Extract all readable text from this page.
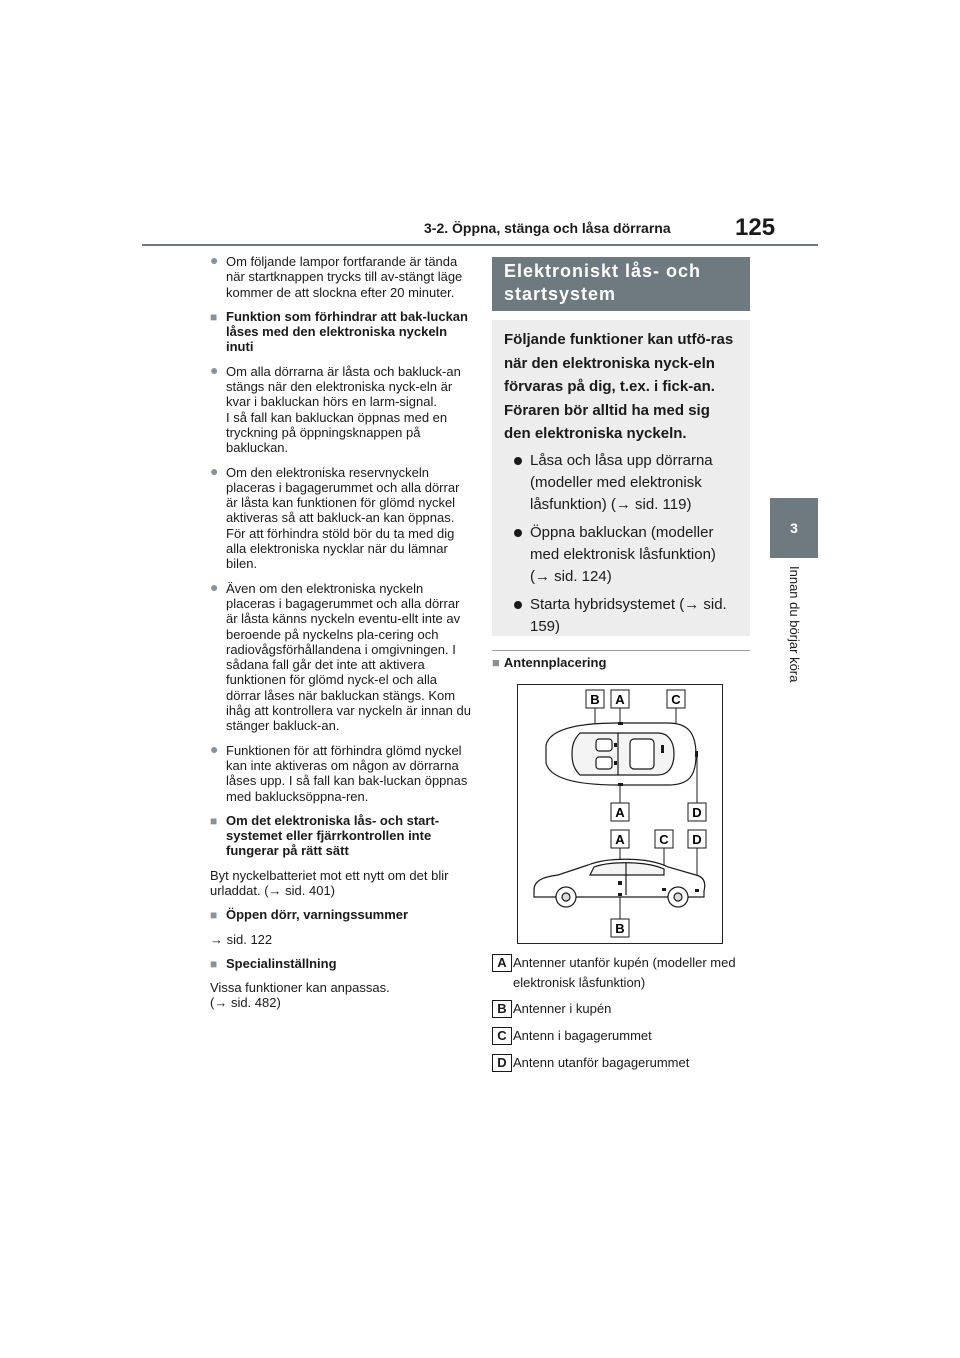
3-2. Öppna, stänga och låsa dörrarna	125
3
Innan du börjar köra
● Om följande lampor fortfarande är tända när startknappen trycks till av-stängt läge kommer de att slockna efter 20 minuter.
■ Funktion som förhindrar att bak-luckan låses med den elektroniska nyckeln inuti
● Om alla dörrarna är låsta och bakluck-an stängs när den elektroniska nyck-eln är kvar i bakluckan hörs en larm-signal.
I så fall kan bakluckan öppnas med en tryckning på öppningsknappen på bakluckan.
● Om den elektroniska reservnyckeln placeras i bagagerummet och alla dörrar är låsta kan funktionen för glömd nyckel aktiveras så att bakluck-an kan öppnas. För att förhindra stöld bör du ta med dig alla elektroniska nycklar när du lämnar bilen.
● Även om den elektroniska nyckeln placeras i bagagerummet och alla dörrar är låsta känns nyckeln eventu-ellt inte av beroende på nyckelns pla-cering och radiovågsförhållandena i omgivningen. I sådana fall går det inte att aktivera funktionen för glömd nyck-el och alla dörrar låses när bakluckan stängs. Kom ihåg att kontrollera var nyckeln är innan du stänger bakluck-an.
● Funktionen för att förhindra glömd nyckel kan inte aktiveras om någon av dörrarna låses upp. I så fall kan bak-luckan öppnas med baklucksöppna-ren.
■ Om det elektroniska lås- och start-systemet eller fjärrkontrollen inte fungerar på rätt sätt
Byt nyckelbatteriet mot ett nytt om det blir urladdat. (→ sid. 401)
■ Öppen dörr, varningssummer
→ sid. 122
■ Specialinställning
Vissa funktioner kan anpassas.
(→ sid. 482)
Elektroniskt lås- och startsystem
Följande funktioner kan utfö-ras när den elektroniska nyck-eln förvaras på dig, t.ex. i fick-an. Föraren bör alltid ha med sig den elektroniska nyckeln.
Låsa och låsa upp dörrarna (modeller med elektronisk låsfunktion) (→ sid. 119)
Öppna bakluckan (modeller med elektronisk låsfunktion) (→ sid. 124)
Starta hybridsystemet (→ sid. 159)
■ Antennplacering
B A	C
A	D
A	C D
B
A Antenner utanför kupén (modeller med elektronisk låsfunktion)
B Antenner i kupén
C Antenn i bagagerummet
D Antenn utanför bagagerummet
